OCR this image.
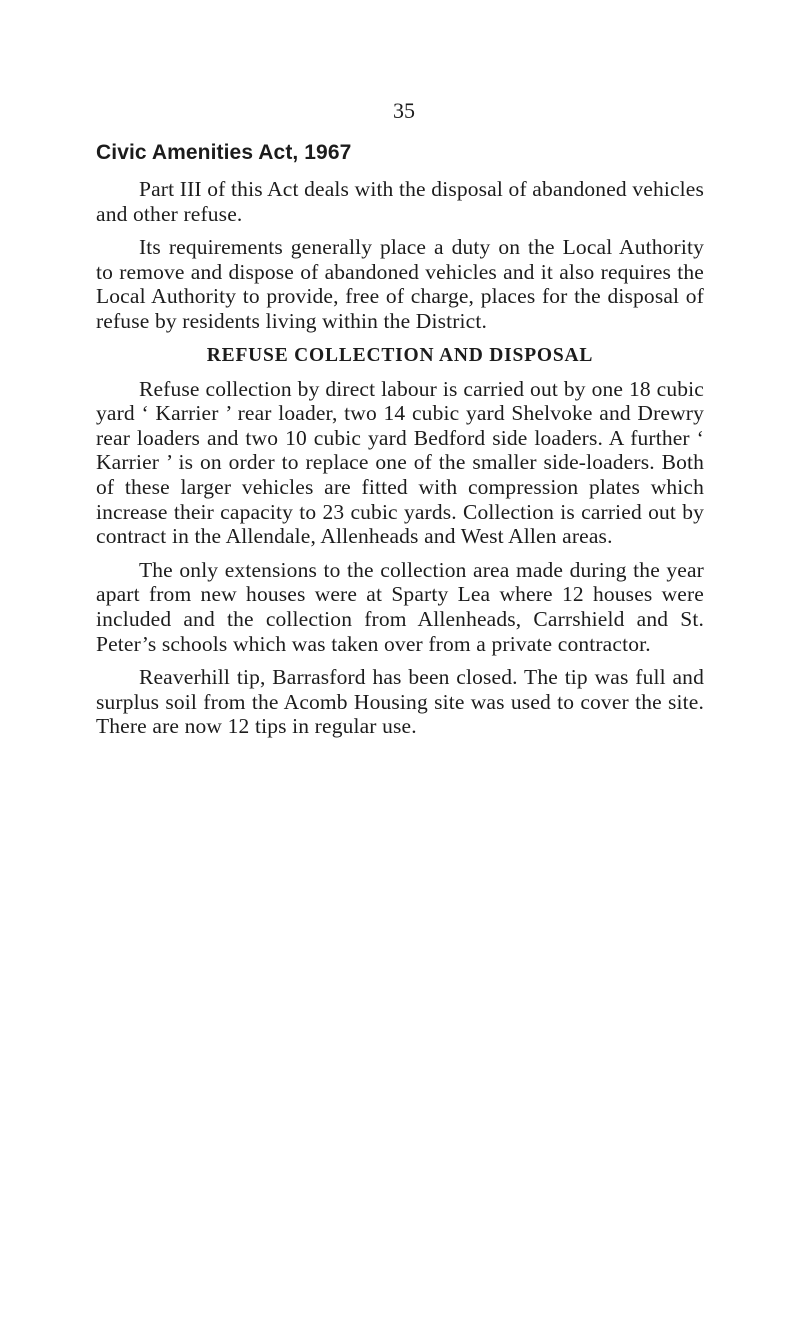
35
Civic Amenities Act, 1967

Part III of this Act deals with the disposal of abandoned vehicles and other refuse.

Its requirements generally place a duty on the Local Authority to remove and dispose of abandoned vehicles and it also requires the Local Authority to provide, free of charge, places for the disposal of refuse by residents living within the District.

REFUSE COLLECTION AND DISPOSAL

Refuse collection by direct labour is carried out by one 18 cubic yard ‘ Karrier ’ rear loader, two 14 cubic yard Shelvoke and Drewry rear loaders and two 10 cubic yard Bedford side loaders. A further ‘ Karrier ’ is on order to replace one of the smaller side-loaders. Both of these larger vehicles are fitted with compression plates which increase their capacity to 23 cubic yards. Collection is carried out by contract in the Allendale, Allenheads and West Allen areas.

The only extensions to the collection area made during the year apart from new houses were at Sparty Lea where 12 houses were included and the collection from Allenheads, Carrshield and St. Peter’s schools which was taken over from a private contractor.

Reaverhill tip, Barrasford has been closed. The tip was full and surplus soil from the Acomb Housing site was used to cover the site. There are now 12 tips in regular use.
